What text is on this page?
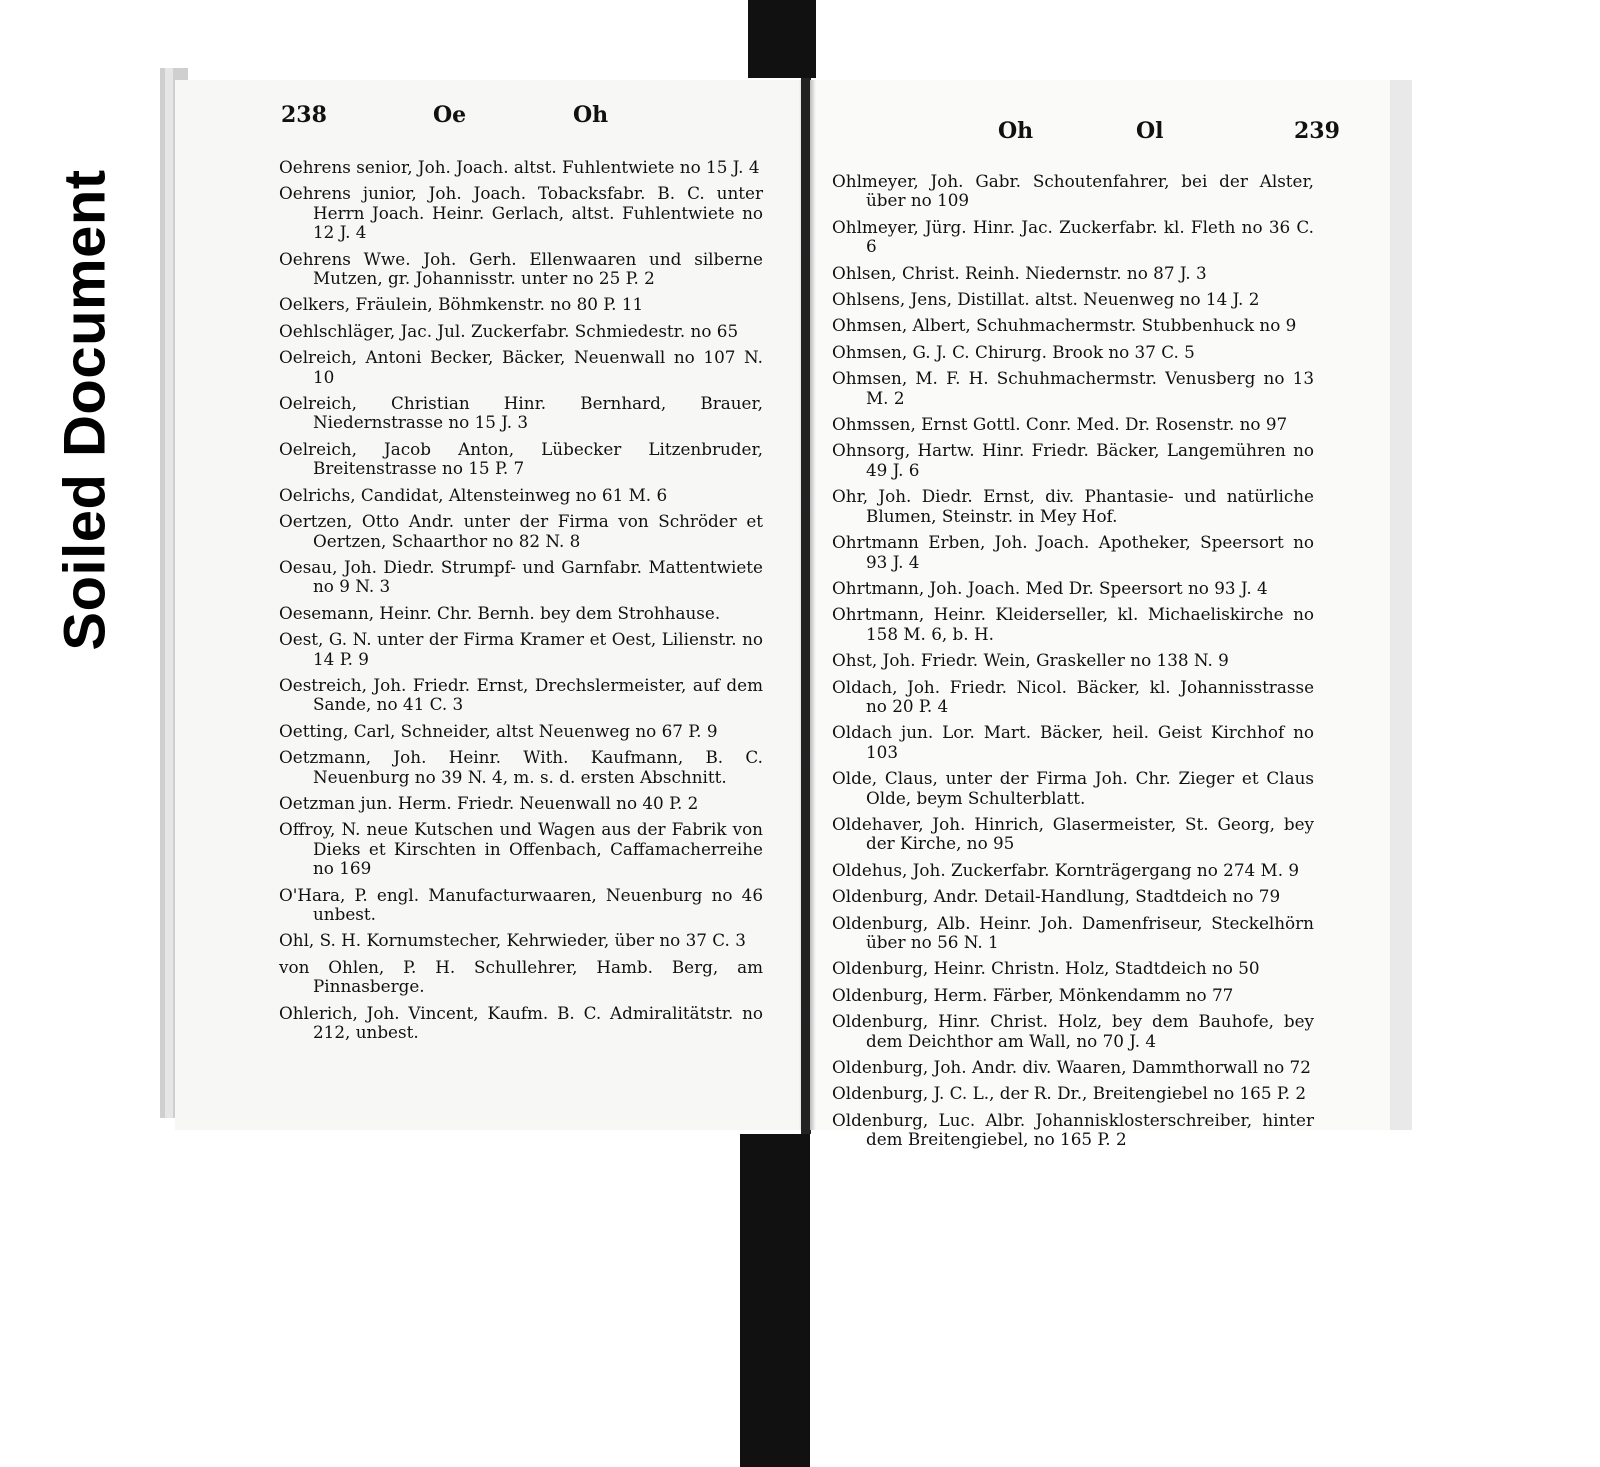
Soiled Document
238	Oe	Oh
Oehrens senior, Joh. Joach. altst. Fuhlentwiete no 15 J. 4
Oehrens junior, Joh. Joach. Tobacksfabr. B. C. unter Herrn Joach. Heinr. Gerlach, altst. Fuhlentwiete no 12 J. 4
Oehrens Wwe. Joh. Gerh. Ellenwaaren und silberne Mutzen, gr. Johannisstr. unter no 25 P. 2
Oelkers, Fräulein, Böhmkenstr. no 80 P. 11
Oehlschläger, Jac. Jul. Zuckerfabr. Schmiedestr. no 65
Oelreich, Antoni Becker, Bäcker, Neuenwall no 107 N. 10
Oelreich, Christian Hinr. Bernhard, Brauer, Niedernstrasse no 15 J. 3
Oelreich, Jacob Anton, Lübecker Litzenbruder, Breitenstrasse no 15 P. 7
Oelrichs, Candidat, Altensteinweg no 61 M. 6
Oertzen, Otto Andr. unter der Firma von Schröder et Oertzen, Schaarthor no 82 N. 8
Oesau, Joh. Diedr. Strumpf- und Garnfabr. Mattentwiete no 9 N. 3
Oesemann, Heinr. Chr. Bernh. bey dem Strohhause.
Oest, G. N. unter der Firma Kramer et Oest, Lilienstr. no 14 P. 9
Oestreich, Joh. Friedr. Ernst, Drechslermeister, auf dem Sande, no 41 C. 3
Oetting, Carl, Schneider, altst Neuenweg no 67 P. 9
Oetzmann, Joh. Heinr. With. Kaufmann, B. C. Neuenburg no 39 N. 4, m. s. d. ersten Abschnitt.
Oetzman jun. Herm. Friedr. Neuenwall no 40 P. 2
Offroy, N. neue Kutschen und Wagen aus der Fabrik von Dieks et Kirschten in Offenbach, Caffamacherreihe no 169
O'Hara, P. engl. Manufacturwaaren, Neuenburg no 46 unbest.
Ohl, S. H. Kornumstecher, Kehrwieder, über no 37 C. 3
von Ohlen, P. H. Schullehrer, Hamb. Berg, am Pinnasberge.
Ohlerich, Joh. Vincent, Kaufm. B. C. Admiralitätstr. no 212, unbest.
Oh	Ol	239
Ohlmeyer, Joh. Gabr. Schoutenfahrer, bei der Alster, über no 109
Ohlmeyer, Jürg. Hinr. Jac. Zuckerfabr. kl. Fleth no 36 C. 6
Ohlsen, Christ. Reinh. Niedernstr. no 87 J. 3
Ohlsens, Jens, Distillat. altst. Neuenweg no 14 J. 2
Ohmsen, Albert, Schuhmachermstr. Stubbenhuck no 9
Ohmsen, G. J. C. Chirurg. Brook no 37 C. 5
Ohmsen, M. F. H. Schuhmachermstr. Venusberg no 13 M. 2
Ohmssen, Ernst Gottl. Conr. Med. Dr. Rosenstr. no 97
Ohnsorg, Hartw. Hinr. Friedr. Bäcker, Langemühren no 49 J. 6
Ohr, Joh. Diedr. Ernst, div. Phantasie- und natürliche Blumen, Steinstr. in Mey Hof.
Ohrtmann Erben, Joh. Joach. Apotheker, Speersort no 93 J. 4
Ohrtmann, Joh. Joach. Med Dr. Speersort no 93 J. 4
Ohrtmann, Heinr. Kleiderseller, kl. Michaeliskirche no 158 M. 6, b. H.
Ohst, Joh. Friedr. Wein, Graskeller no 138 N. 9
Oldach, Joh. Friedr. Nicol. Bäcker, kl. Johannisstrasse no 20 P. 4
Oldach jun. Lor. Mart. Bäcker, heil. Geist Kirchhof no 103
Olde, Claus, unter der Firma Joh. Chr. Zieger et Claus Olde, beym Schulterblatt.
Oldehaver, Joh. Hinrich, Glasermeister, St. Georg, bey der Kirche, no 95
Oldehus, Joh. Zuckerfabr. Kornträgergang no 274 M. 9
Oldenburg, Andr. Detail-Handlung, Stadtdeich no 79
Oldenburg, Alb. Heinr. Joh. Damenfriseur, Steckelhörn über no 56 N. 1
Oldenburg, Heinr. Christn. Holz, Stadtdeich no 50
Oldenburg, Herm. Färber, Mönkendamm no 77
Oldenburg, Hinr. Christ. Holz, bey dem Bauhofe, bey dem Deichthor am Wall, no 70 J. 4
Oldenburg, Joh. Andr. div. Waaren, Dammthorwall no 72
Oldenburg, J. C. L., der R. Dr., Breitengiebel no 165 P. 2
Oldenburg, Luc. Albr. Johannisklosterschreiber, hinter dem Breitengiebel, no 165 P. 2
